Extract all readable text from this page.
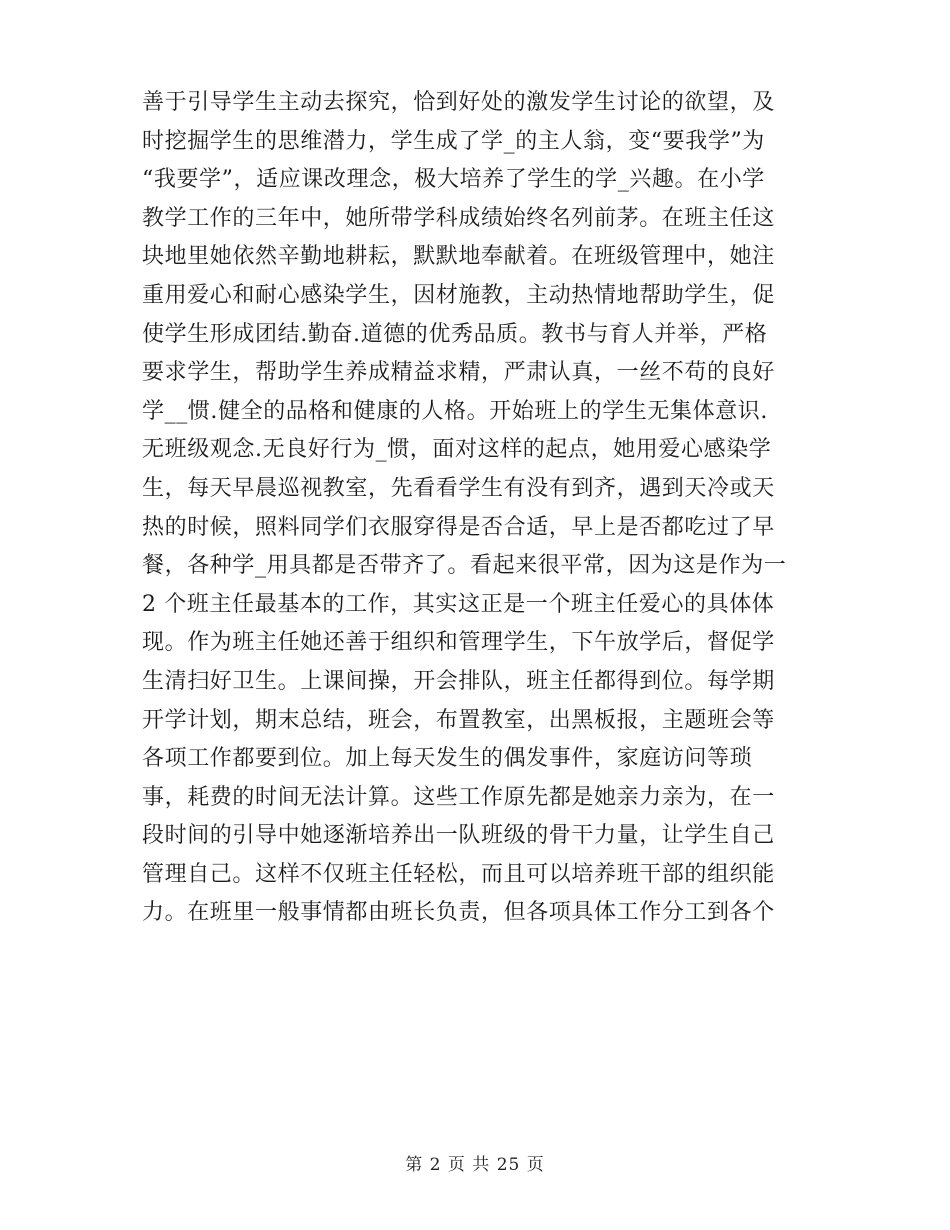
善于引导学生主动去探究，恰到好处的激发学生讨论的欲望，及
时挖掘学生的思维潜力，学生成了学_的主人翁，变“要我学”为
“我要学”，适应课改理念，极大培养了学生的学_兴趣。在小学
教学工作的三年中，她所带学科成绩始终名列前茅。在班主任这
块地里她依然辛勤地耕耘，默默地奉献着。在班级管理中，她注
重用爱心和耐心感染学生，因材施教，主动热情地帮助学生，促
使学生形成团结.勤奋.道德的优秀品质。教书与育人并举，严格
要求学生，帮助学生养成精益求精，严肃认真，一丝不苟的良好
学__惯.健全的品格和健康的人格。开始班上的学生无集体意识.
无班级观念.无良好行为_惯，面对这样的起点，她用爱心感染学
生，每天早晨巡视教室，先看看学生有没有到齐，遇到天冷或天
热的时候，照料同学们衣服穿得是否合适，早上是否都吃过了早
餐，各种学_用具都是否带齐了。看起来很平常，因为这是作为一
2 个班主任最基本的工作，其实这正是一个班主任爱心的具体体
现。作为班主任她还善于组织和管理学生，下午放学后，督促学
生清扫好卫生。上课间操，开会排队，班主任都得到位。每学期
开学计划，期末总结，班会，布置教室，出黑板报，主题班会等
各项工作都要到位。加上每天发生的偶发事件，家庭访问等琐
事，耗费的时间无法计算。这些工作原先都是她亲力亲为，在一
段时间的引导中她逐渐培养出一队班级的骨干力量，让学生自己
管理自己。这样不仅班主任轻松，而且可以培养班干部的组织能
力。在班里一般事情都由班长负责，但各项具体工作分工到各个
第 2 页 共 25 页
